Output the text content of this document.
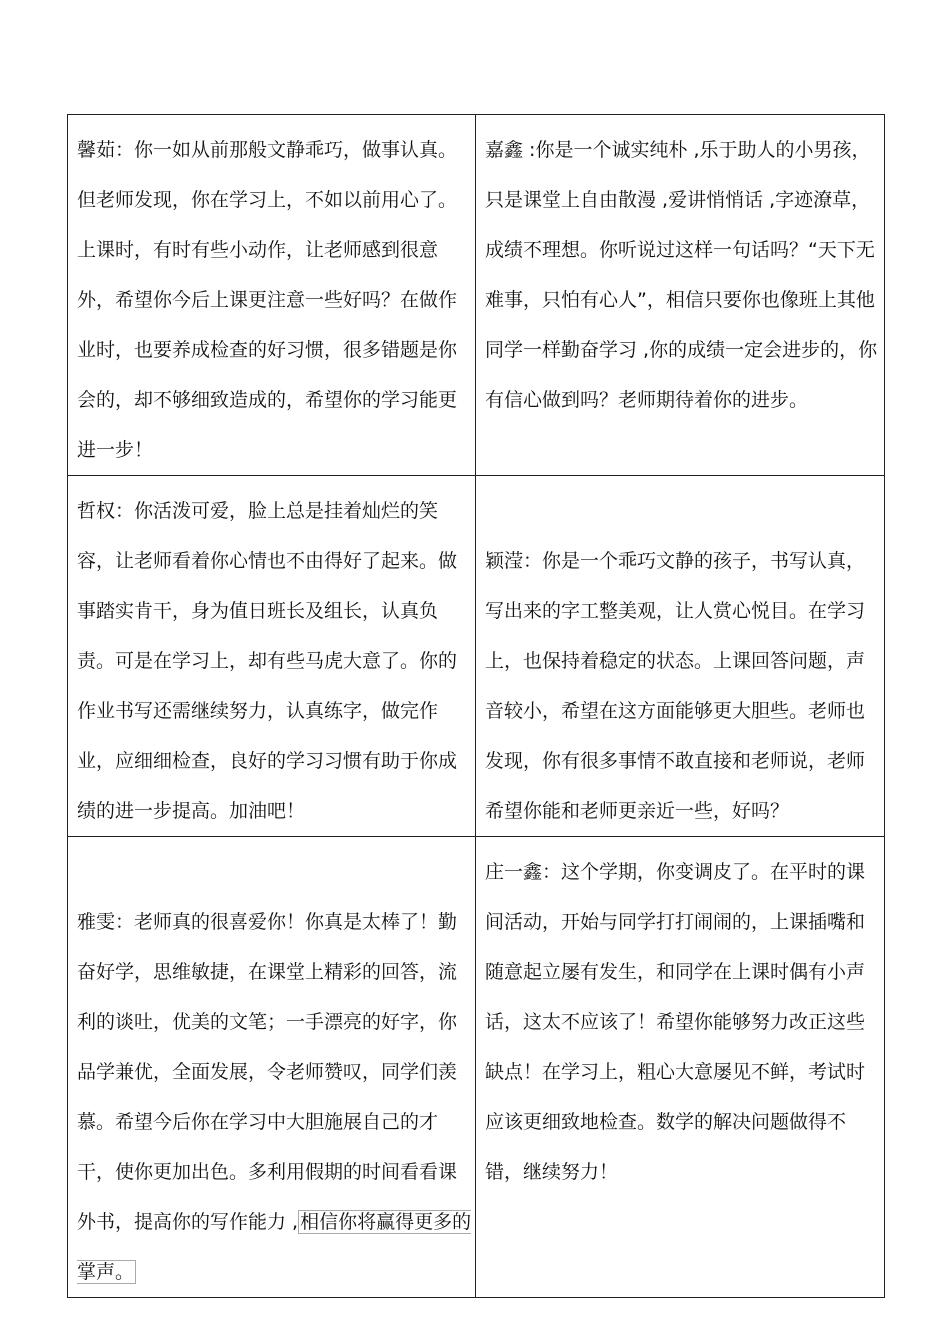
馨茹：你一如从前那般文静乖巧，做事认真。但老师发现，你在学习上，不如以前用心了。上课时，有时有些小动作，让老师感到很意外，希望你今后上课更注意一些好吗？在做作业时，也要养成检查的好习惯，很多错题是你会的，却不够细致造成的，希望你的学习能更进一步！	嘉鑫 :你是一个诚实纯朴 ,乐于助人的小男孩，只是课堂上自由散漫 ,爱讲悄悄话 ,字迹潦草，成绩不理想。你听说过这样一句话吗？“天下无难事，只怕有心人”，相信只要你也像班上其他同学一样勤奋学习 ,你的成绩一定会进步的，你有信心做到吗？老师期待着你的进步。
哲权：你活泼可爱，脸上总是挂着灿烂的笑容，让老师看着你心情也不由得好了起来。做事踏实肯干，身为值日班长及组长，认真负责。可是在学习上，却有些马虎大意了。你的作业书写还需继续努力，认真练字，做完作业，应细细检查，良好的学习习惯有助于你成绩的进一步提高。加油吧！	颖滢：你是一个乖巧文静的孩子，书写认真，写出来的字工整美观，让人赏心悦目。在学习上，也保持着稳定的状态。上课回答问题，声音较小，希望在这方面能够更大胆些。老师也发现，你有很多事情不敢直接和老师说，老师希望你能和老师更亲近一些，好吗？
雅雯：老师真的很喜爱你！你真是太棒了！勤奋好学，思维敏捷，在课堂上精彩的回答，流利的谈吐，优美的文笔；一手漂亮的好字，你品学兼优，全面发展，令老师赞叹，同学们羡慕。希望今后你在学习中大胆施展自己的才干，使你更加出色。多利用假期的时间看看课外书，提高你的写作能力 , 相信你将赢得更多的掌声。	庄一鑫：这个学期，你变调皮了。在平时的课间活动，开始与同学打打闹闹的，上课插嘴和随意起立屡有发生，和同学在上课时偶有小声话，这太不应该了！希望你能够努力改正这些缺点！在学习上，粗心大意屡见不鲜，考试时应该更细致地检查。数学的解决问题做得不错，继续努力！
